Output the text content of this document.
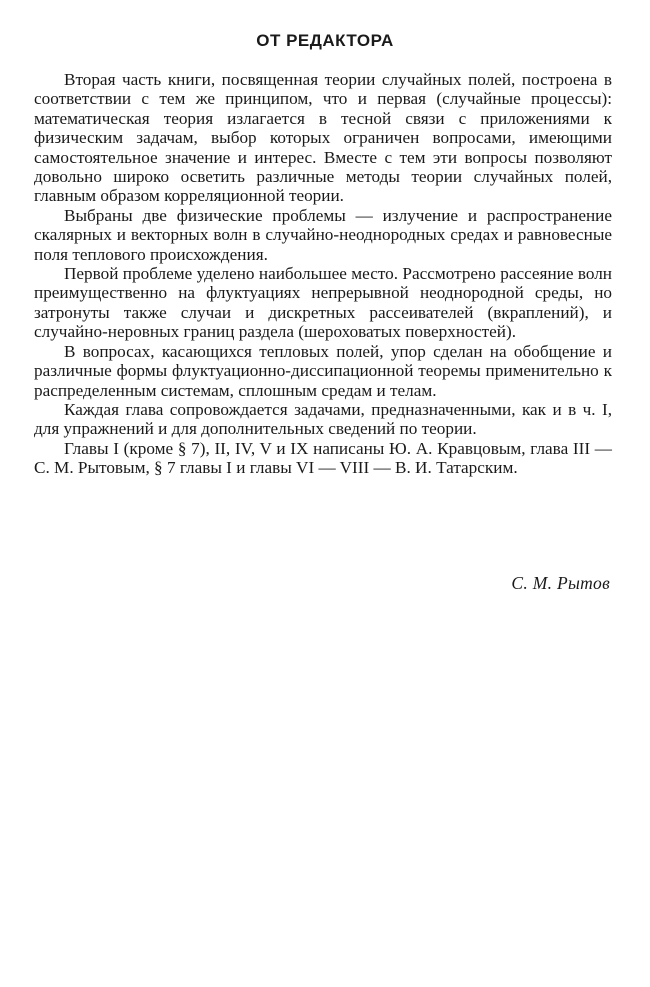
ОТ РЕДАКТОРА

Вторая часть книги, посвященная теории случайных полей, построена в соответствии с тем же принципом, что и первая (случайные процессы): математическая теория излагается в тесной связи с приложениями к физическим задачам, выбор которых ограничен вопросами, имеющими самостоятельное значение и интерес. Вместе с тем эти вопросы позволяют довольно широко осветить различные методы теории случайных полей, главным образом корреляционной теории.

Выбраны две физические проблемы — излучение и распространение скалярных и векторных волн в случайно-неоднородных средах и равновесные поля теплового происхождения.

Первой проблеме уделено наибольшее место. Рассмотрено рассеяние волн преимущественно на флуктуациях непрерывной неоднородной среды, но затронуты также случаи и дискретных рассеивателей (вкраплений), и случайно-неровных границ раздела (шероховатых поверхностей).

В вопросах, касающихся тепловых полей, упор сделан на обобщение и различные формы флуктуационно-диссипационной теоремы применительно к распределенным системам, сплошным средам и телам.

Каждая глава сопровождается задачами, предназначенными, как и в ч. I, для упражнений и для дополнительных сведений по теории.

Главы I (кроме § 7), II, IV, V и IX написаны Ю. А. Кравцовым, глава III — С. М. Рытовым, § 7 главы I и главы VI — VIII — В. И. Татарским.

С. М. Рытов
